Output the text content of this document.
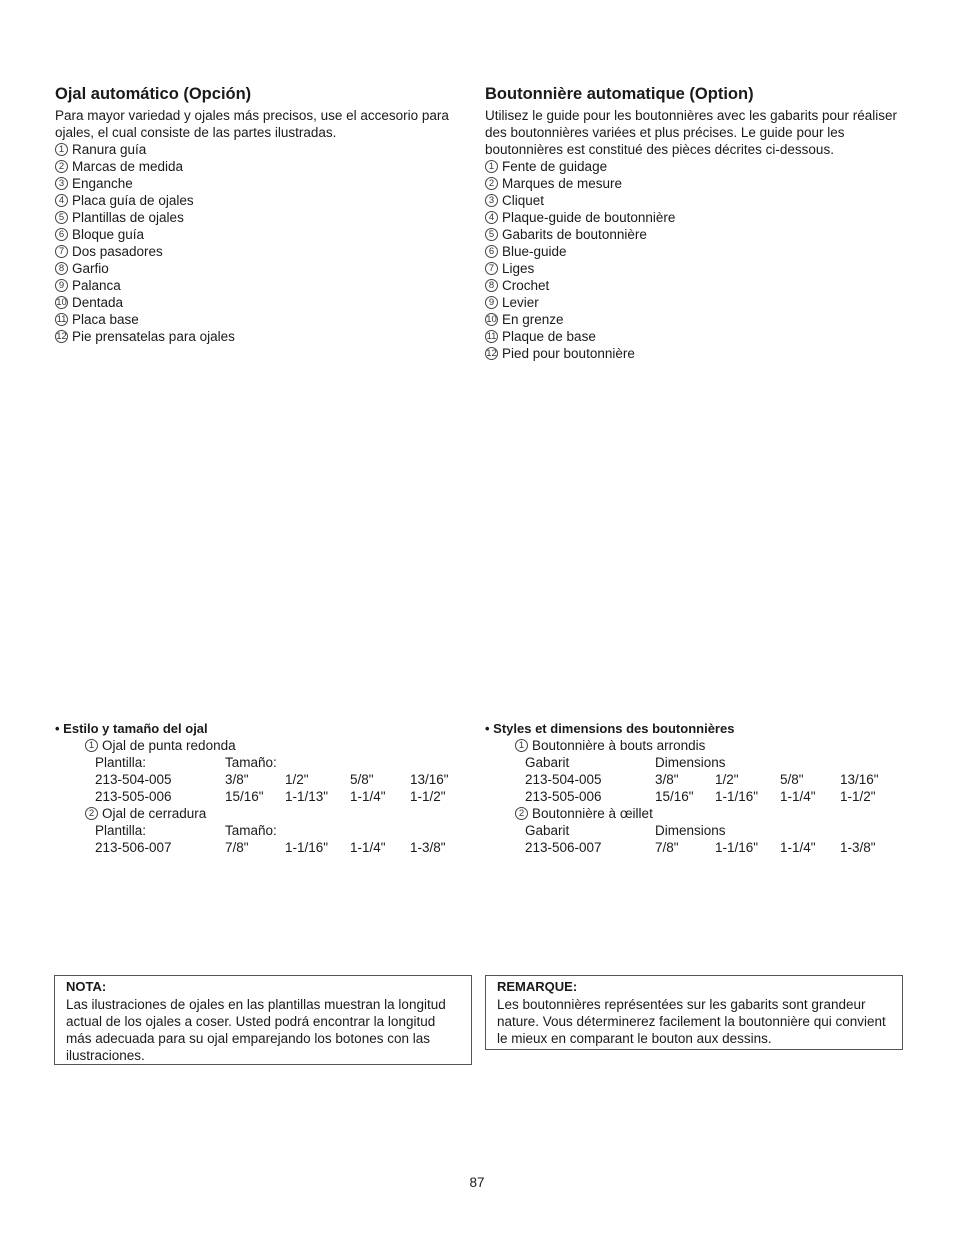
Ojal automático (Opción)

Para mayor variedad y ojales más precisos, use el accesorio para ojales, el cual consiste de las partes ilustradas.

1 Ranura guía
2 Marcas de medida
3 Enganche
4 Placa guía de ojales
5 Plantillas de ojales
6 Bloque guía
7 Dos pasadores
8 Garfio
9 Palanca
10 Dentada
11 Placa base
12 Pie prensatelas para ojales
Boutonnière automatique (Option)

Utilisez le guide pour les boutonnières avec les gabarits pour réaliser des boutonnières variées et plus précises. Le guide pour les boutonnières est constitué des pièces décrites ci-dessous.

1 Fente de guidage
2 Marques de mesure
3 Cliquet
4 Plaque-guide de boutonnière
5 Gabarits de boutonnière
6 Blue-guide
7 Liges
8 Crochet
9 Levier
10 En grenze
11 Plaque de base
12 Pied pour boutonnière

• Estilo y tamaño del ojal

1 Ojal de punta redonda
Plantilla:	Tamaño:
213-504-005	3/8"	1/2"	5/8"	13/16"
213-505-006	15/16" 1-1/13" 1-1/4" 1-1/2"
2 Ojal de cerradura
Plantilla:	Tamaño:
213-506-007	7/8"	1-1/16" 1-1/4" 1-3/8"

• Styles et dimensions des boutonnières

1 Boutonnière à bouts arrondis
Gabarit	Dimensions
213-504-005	3/8"	1/2"	5/8"	13/16"
213-505-006	15/16" 1-1/16" 1-1/4" 1-1/2"
2 Boutonnière à œillet
Gabarit	Dimensions
213-506-007	7/8"	1-1/16" 1-1/4" 1-3/8"

NOTA:

Las ilustraciones de ojales en las plantillas muestran la longitud actual de los ojales a coser. Usted podrá encontrar la longitud más adecuada para su ojal emparejando los botones con las ilustraciones.

REMARQUE:

Les boutonnières représentées sur les gabarits sont grandeur nature. Vous déterminerez facilement la boutonnière qui convient le mieux en comparant le bouton aux dessins.
87
